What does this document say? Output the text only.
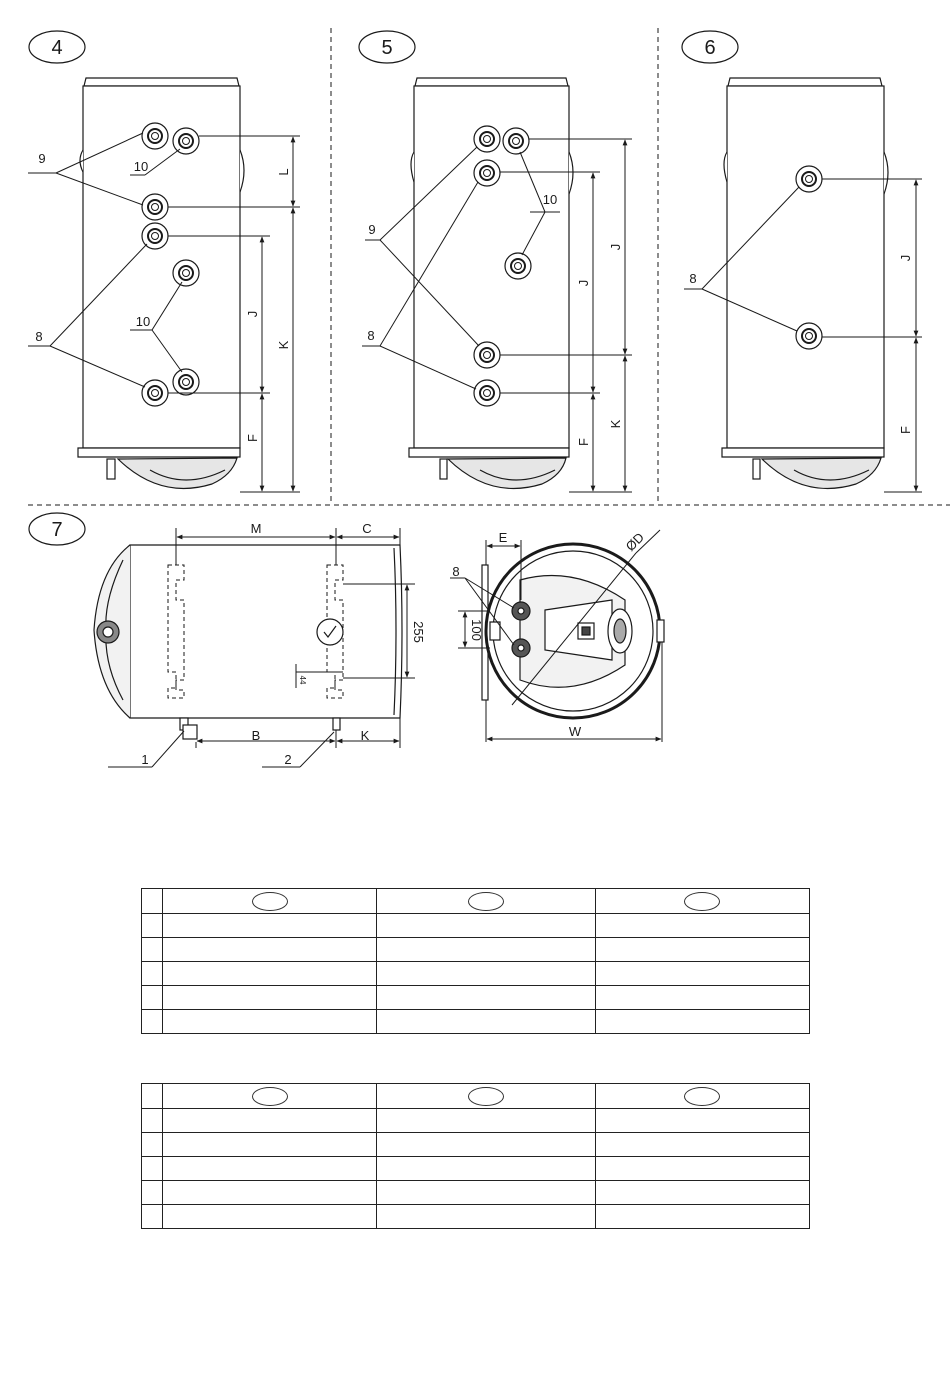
4
9
10
10
8
L
J
K
F
5
9
10
8
J
J
K
F
6
8
J
F
7	M	C
255
44
B	K
1	2
E	ØD
100
W
8
